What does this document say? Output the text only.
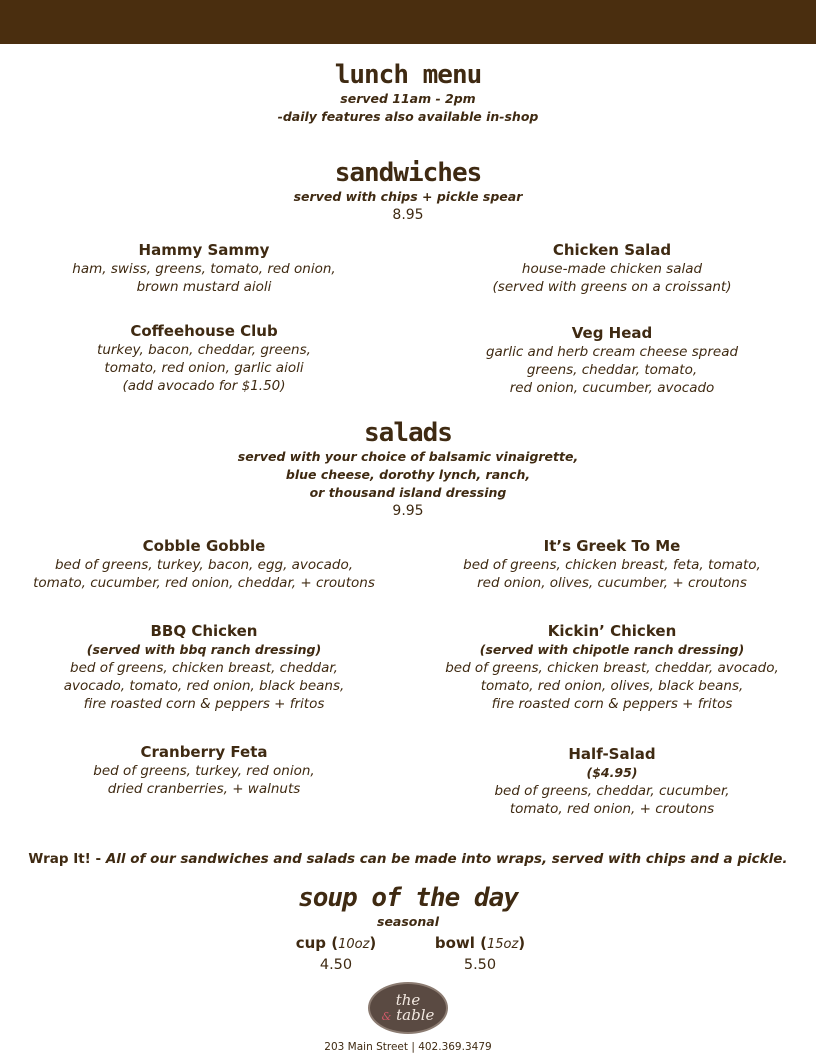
lunch menu
served 11am - 2pm
-daily features also available in-shop
sandwiches
served with chips + pickle spear
8.95
Hammy Sammy
ham, swiss, greens, tomato, red onion,
brown mustard aioli
Chicken Salad
house-made chicken salad
(served with greens on a croissant)
Coffeehouse Club
turkey, bacon, cheddar, greens,
tomato, red onion, garlic aioli
(add avocado for $1.50)
Veg Head
garlic and herb cream cheese spread
greens, cheddar, tomato,
red onion, cucumber, avocado
salads
served with your choice of balsamic vinaigrette,
blue cheese, dorothy lynch, ranch,
or thousand island dressing
9.95
Cobble Gobble
bed of greens, turkey, bacon, egg, avocado,
tomato, cucumber, red onion, cheddar, + croutons
It’s Greek To Me
bed of greens, chicken breast, feta, tomato,
red onion, olives, cucumber, + croutons
BBQ Chicken
(served with bbq ranch dressing)
bed of greens, chicken breast, cheddar,
avocado, tomato, red onion, black beans,
fire roasted corn & peppers + fritos
Kickin’ Chicken
(served with chipotle ranch dressing)
bed of greens, chicken breast, cheddar, avocado,
tomato, red onion, olives, black beans,
fire roasted corn & peppers + fritos
Cranberry Feta
bed of greens, turkey, red onion,
dried cranberries, + walnuts
Half-Salad
($4.95)
bed of greens, cheddar, cucumber,
tomato, red onion, + croutons
Wrap It! - All of our sandwiches and salads can be made into wraps, served with chips and a pickle.
soup of the day
seasonal
cup (10oz)
4.50
bowl (15oz)
5.50
the
& table
203 Main Street | 402.369.3479
